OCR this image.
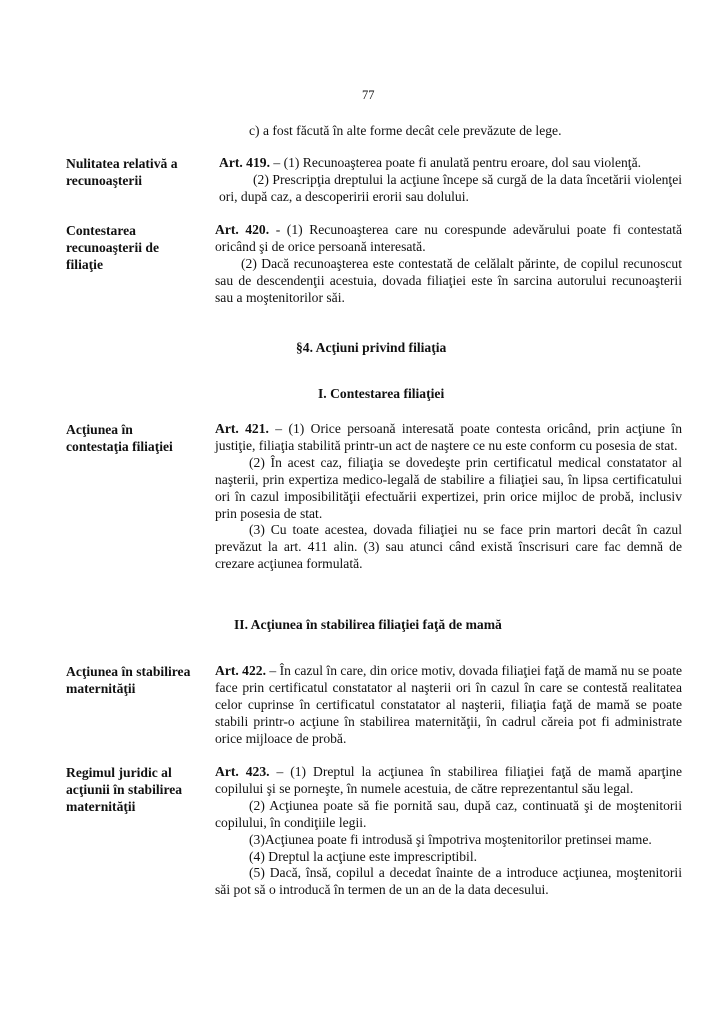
77
c) a fost făcută în alte forme decât cele prevăzute de lege.
Nulitatea relativă a
recunoaşterii

Art. 419. – (1) Recunoaşterea poate fi anulată pentru eroare, dol sau violenţă.

(2) Prescripţia dreptului la acţiune începe să curgă de la data încetării violenţei ori, după caz, a descoperirii erorii sau dolului.

Contestarea
recunoaşterii de
filiaţie

Art. 420. - (1) Recunoaşterea care nu corespunde adevărului poate fi contestată oricând şi de orice persoană interesată.

(2) Dacă recunoaşterea este contestată de celălalt părinte, de copilul recunoscut sau de descendenţii acestuia, dovada filiaţiei este în sarcina autorului recunoaşterii sau a moştenitorilor săi.

§4. Acţiuni privind filiaţia
I. Contestarea filiaţiei
Acţiunea în
contestaţia filiaţiei

Art. 421. – (1) Orice persoană interesată poate contesta oricând, prin acţiune în justiţie, filiaţia stabilită printr-un act de naştere ce nu este conform cu posesia de stat.

(2) În acest caz, filiaţia se dovedeşte prin certificatul medical constatator al naşterii, prin expertiza medico-legală de stabilire a filiaţiei sau, în lipsa certificatului ori în cazul imposibilităţii efectuării expertizei, prin orice mijloc de probă, inclusiv prin posesia de stat.

(3) Cu toate acestea, dovada filiaţiei nu se face prin martori decât în cazul prevăzut la art. 411 alin. (3) sau atunci când există înscrisuri care fac demnă de crezare acţiunea formulată.

II. Acţiunea în stabilirea filiaţiei faţă de mamă
Acţiunea în stabilirea
maternităţii

Art. 422. – În cazul în care, din orice motiv, dovada filiaţiei faţă de mamă nu se poate face prin certificatul constatator al naşterii ori în cazul în care se contestă realitatea celor cuprinse în certificatul constatator al naşterii, filiaţia faţă de mamă se poate stabili printr-o acţiune în stabilirea maternităţii, în cadrul căreia pot fi administrate orice mijloace de probă.

Regimul juridic al
acţiunii în stabilirea
maternităţii

Art. 423. – (1) Dreptul la acţiunea în stabilirea filiaţiei faţă de mamă aparţine copilului şi se porneşte, în numele acestuia, de către reprezentantul său legal.

(2) Acţiunea poate să fie pornită sau, după caz, continuată şi de moştenitorii copilului, în condiţiile legii.

(3)Acţiunea poate fi introdusă şi împotriva moştenitorilor pretinsei mame.

(4) Dreptul la acţiune este imprescriptibil.

(5) Dacă, însă, copilul a decedat înainte de a introduce acţiunea, moştenitorii săi pot să o introducă în termen de un an de la data decesului.
